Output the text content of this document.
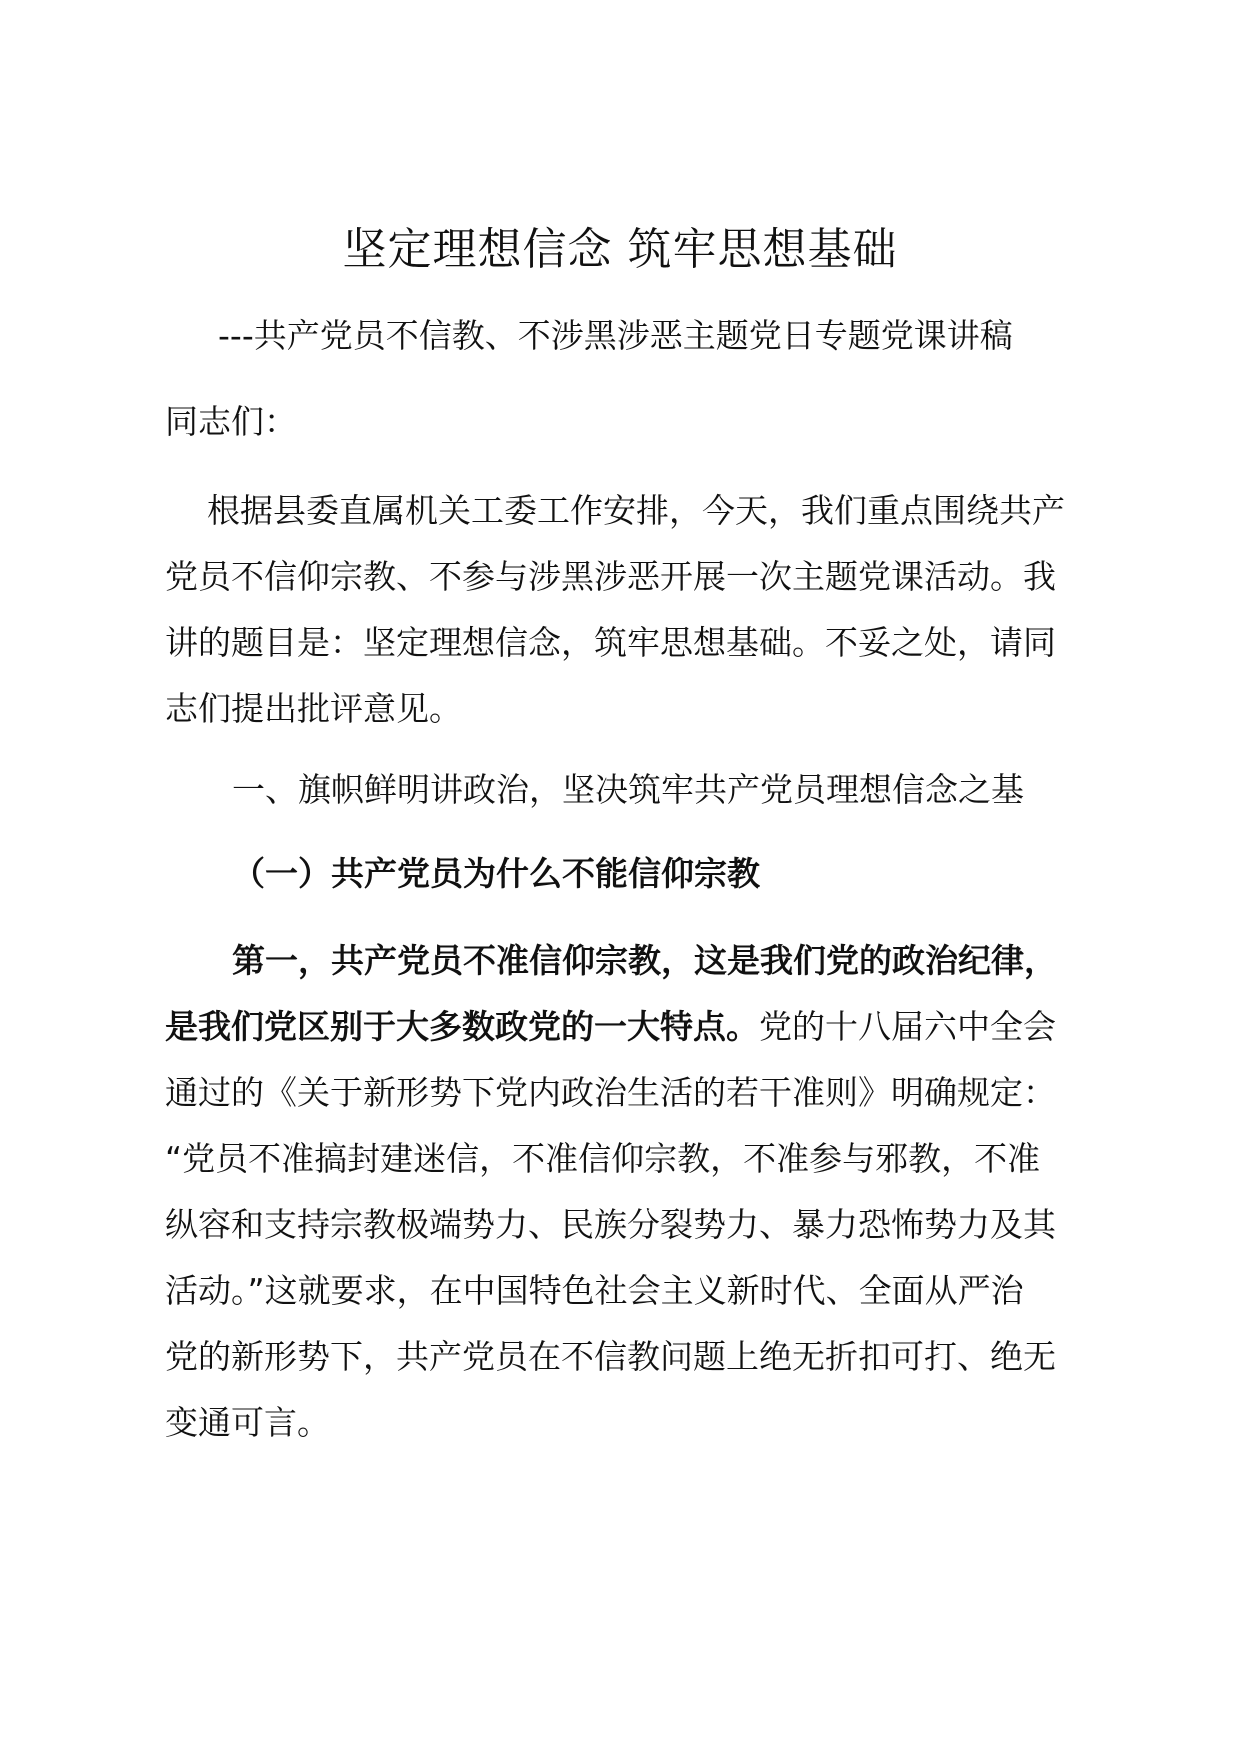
坚定理想信念 筑牢思想基础
---共产党员不信教、不涉黑涉恶主题党日专题党课讲稿
同志们：
根据县委直属机关工委工作安排，今天，我们重点围绕共产
党员不信仰宗教、不参与涉黑涉恶开展一次主题党课活动。我
讲的题目是：坚定理想信念，筑牢思想基础。不妥之处，请同
志们提出批评意见。
一、旗帜鲜明讲政治，坚决筑牢共产党员理想信念之基
（一）共产党员为什么不能信仰宗教
第一，共产党员不准信仰宗教，这是我们党的政治纪律，
是我们党区别于大多数政党的一大特点。党的十八届六中全会
通过的《关于新形势下党内政治生活的若干准则》明确规定：
“党员不准搞封建迷信，不准信仰宗教，不准参与邪教，不准
纵容和支持宗教极端势力、民族分裂势力、暴力恐怖势力及其
活动。”这就要求，在中国特色社会主义新时代、全面从严治
党的新形势下，共产党员在不信教问题上绝无折扣可打、绝无
变通可言。
